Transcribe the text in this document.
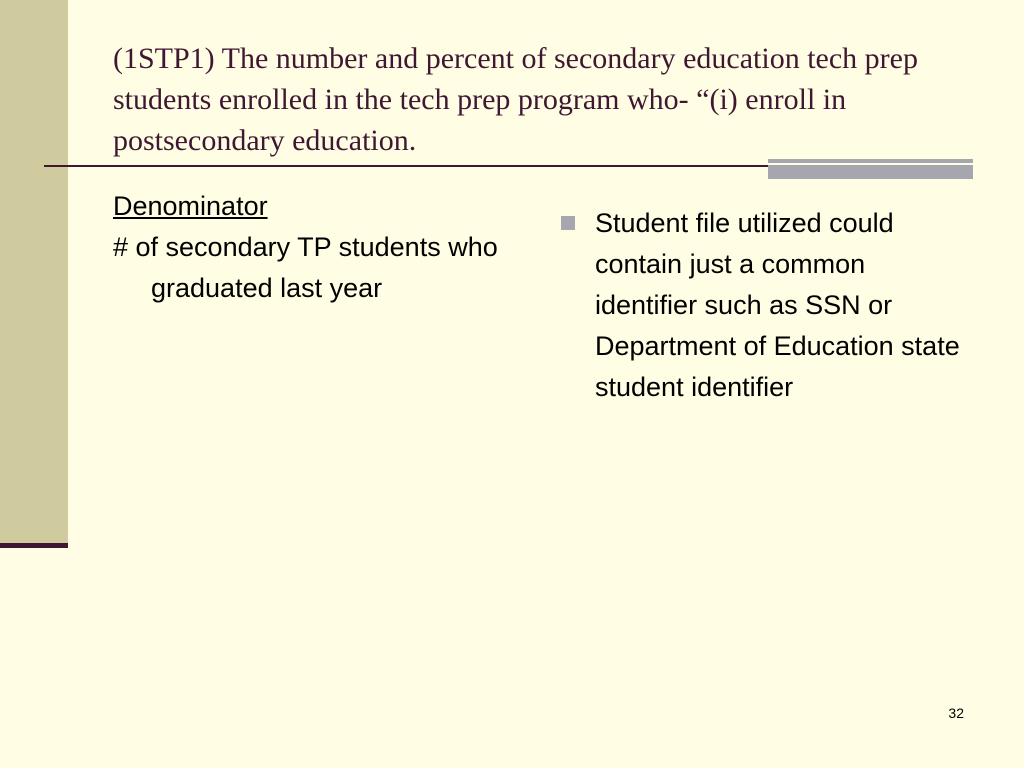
(1STP1) The number and percent of secondary education tech prep students enrolled in the tech prep program who- “(i) enroll in postsecondary education.
Denominator
# of secondary TP students who graduated last year
Student file utilized could contain just a common identifier such as SSN or Department of Education state student identifier
32
